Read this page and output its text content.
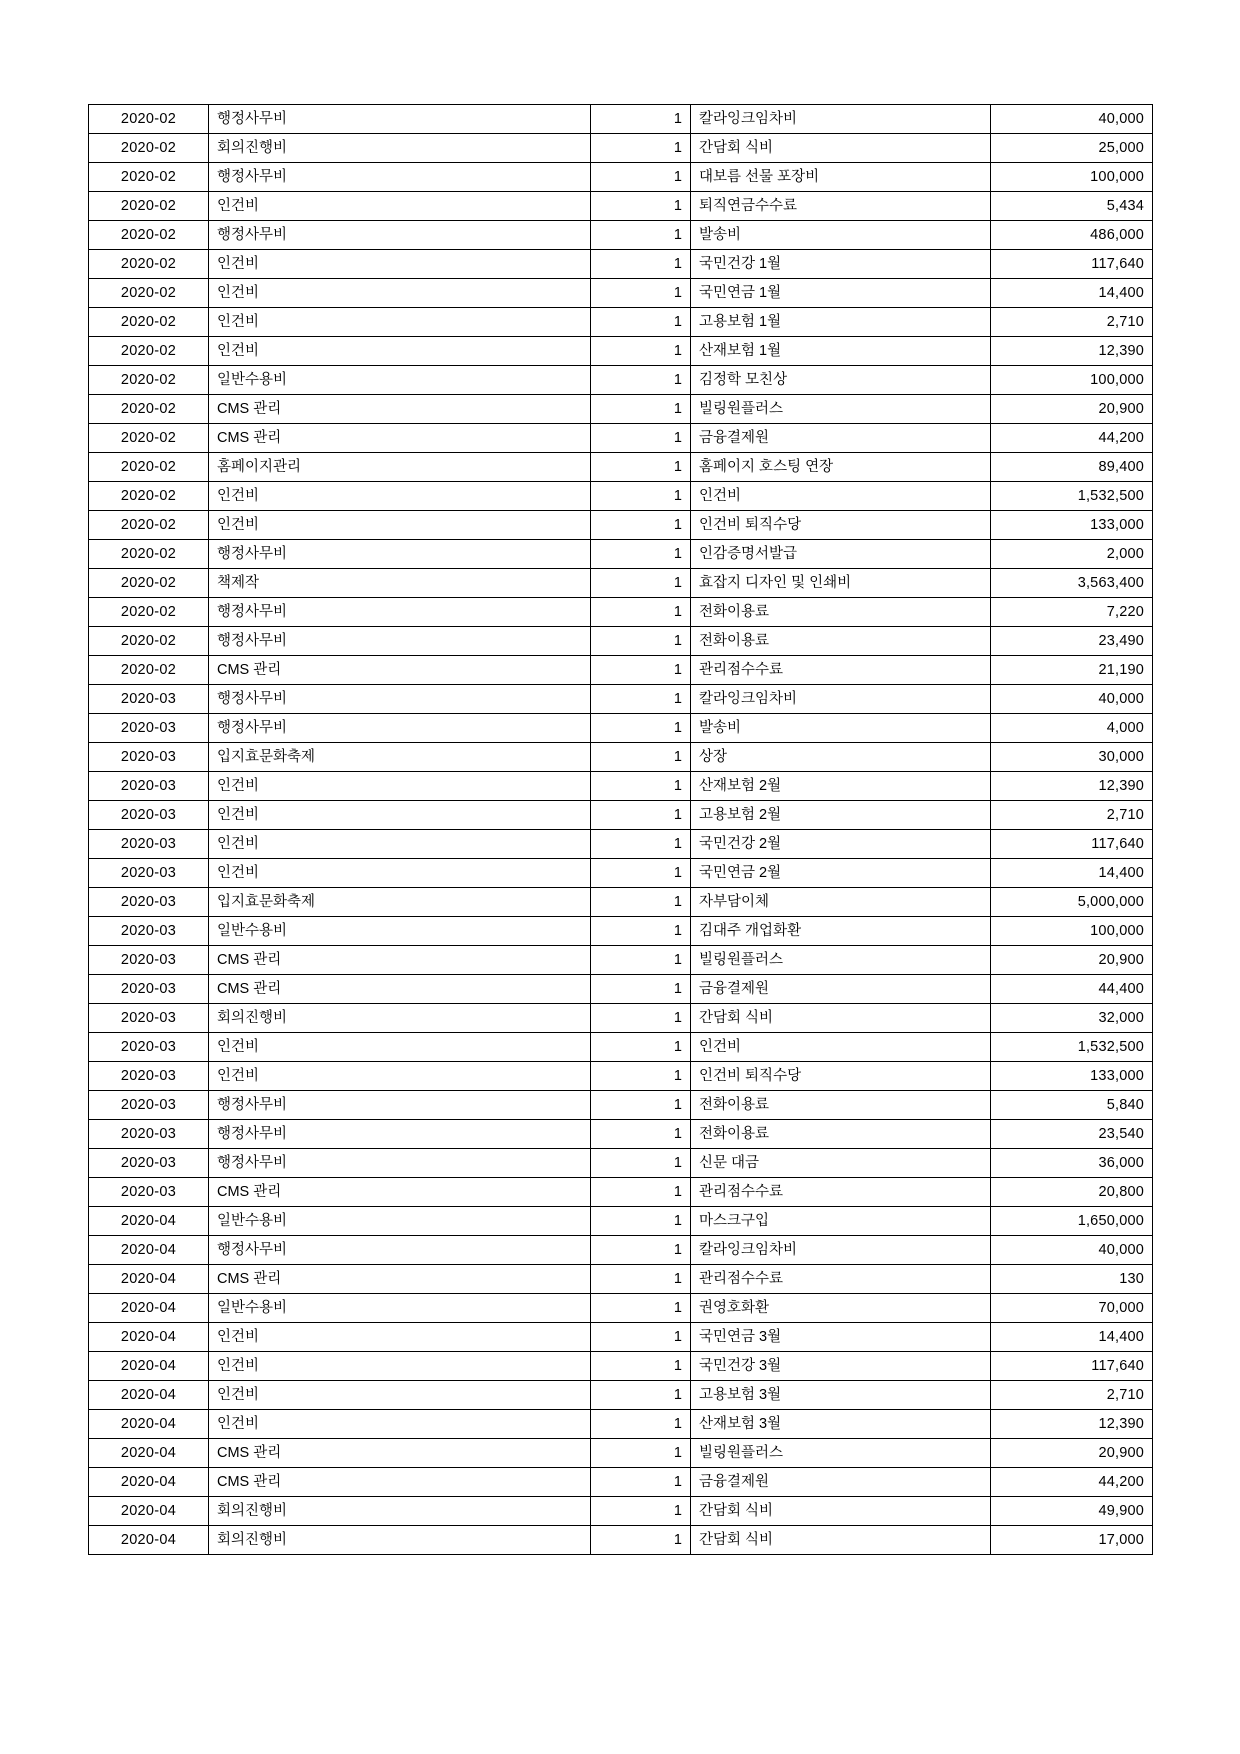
2020-02	행정사무비	1	칼라잉크임차비	40,000
2020-02	회의진행비	1	간담회 식비	25,000
2020-02	행정사무비	1	대보름 선물 포장비	100,000
2020-02	인건비	1	퇴직연금수수료	5,434
2020-02	행정사무비	1	발송비	486,000
2020-02	인건비	1	국민건강 1월	117,640
2020-02	인건비	1	국민연금 1월	14,400
2020-02	인건비	1	고용보험 1월	2,710
2020-02	인건비	1	산재보험 1월	12,390
2020-02	일반수용비	1	김정학 모친상	100,000
2020-02	CMS 관리	1	빌링원플러스	20,900
2020-02	CMS 관리	1	금융결제원	44,200
2020-02	홈페이지관리	1	홈페이지 호스팅 연장	89,400
2020-02	인건비	1	인건비	1,532,500
2020-02	인건비	1	인건비 퇴직수당	133,000
2020-02	행정사무비	1	인감증명서발급	2,000
2020-02	책제작	1	효잡지 디자인 및 인쇄비	3,563,400
2020-02	행정사무비	1	전화이용료	7,220
2020-02	행정사무비	1	전화이용료	23,490
2020-02	CMS 관리	1	관리점수수료	21,190
2020-03	행정사무비	1	칼라잉크임차비	40,000
2020-03	행정사무비	1	발송비	4,000
2020-03	입지효문화축제	1	상장	30,000
2020-03	인건비	1	산재보험 2월	12,390
2020-03	인건비	1	고용보험 2월	2,710
2020-03	인건비	1	국민건강 2월	117,640
2020-03	인건비	1	국민연금 2월	14,400
2020-03	입지효문화축제	1	자부담이체	5,000,000
2020-03	일반수용비	1	김대주 개업화환	100,000
2020-03	CMS 관리	1	빌링원플러스	20,900
2020-03	CMS 관리	1	금융결제원	44,400
2020-03	회의진행비	1	간담회 식비	32,000
2020-03	인건비	1	인건비	1,532,500
2020-03	인건비	1	인건비 퇴직수당	133,000
2020-03	행정사무비	1	전화이용료	5,840
2020-03	행정사무비	1	전화이용료	23,540
2020-03	행정사무비	1	신문 대금	36,000
2020-03	CMS 관리	1	관리점수수료	20,800
2020-04	일반수용비	1	마스크구입	1,650,000
2020-04	행정사무비	1	칼라잉크임차비	40,000
2020-04	CMS 관리	1	관리점수수료	130
2020-04	일반수용비	1	권영호화환	70,000
2020-04	인건비	1	국민연금 3월	14,400
2020-04	인건비	1	국민건강 3월	117,640
2020-04	인건비	1	고용보험 3월	2,710
2020-04	인건비	1	산재보험 3월	12,390
2020-04	CMS 관리	1	빌링원플러스	20,900
2020-04	CMS 관리	1	금융결제원	44,200
2020-04	회의진행비	1	간담회 식비	49,900
2020-04	회의진행비	1	간담회 식비	17,000
